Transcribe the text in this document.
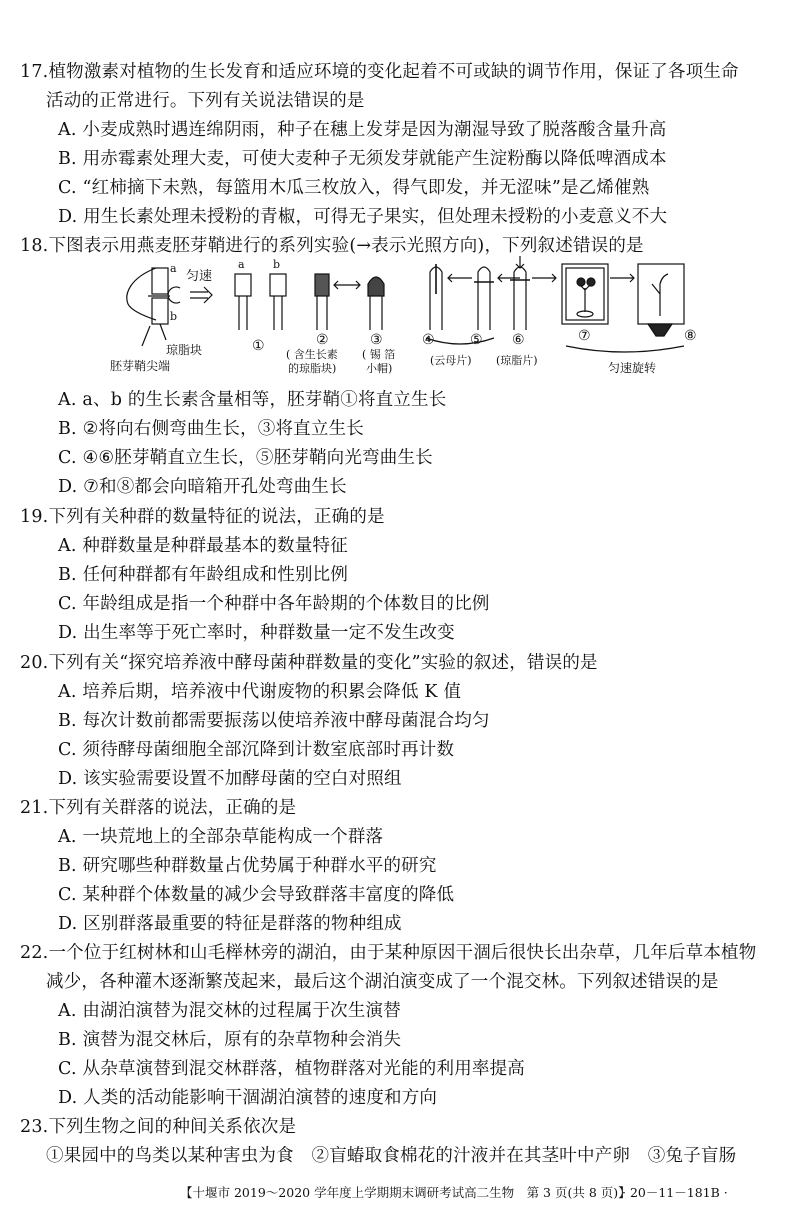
17.植物激素对植物的生长发育和适应环境的变化起着不可或缺的调节作用，保证了各项生命
活动的正常进行。下列有关说法错误的是
A. 小麦成熟时遇连绵阴雨，种子在穗上发芽是因为潮湿导致了脱落酸含量升高
B. 用赤霉素处理大麦，可使大麦种子无须发芽就能产生淀粉酶以降低啤酒成本
C. “红柿摘下未熟，每篮用木瓜三枚放入，得气即发，并无涩味”是乙烯催熟
D. 用生长素处理未授粉的青椒，可得无子果实，但处理未授粉的小麦意义不大
18.下图表示用燕麦胚芽鞘进行的系列实验(→表示光照方向)，下列叙述错误的是
a
b
匀速
a	b
琼脂块
胚芽鞘尖端
①	②	③
( 含生长素
的琼脂块)
( 锡 箔
小帽)
④	⑤ ⑥
(云母片) (琼脂片)
⑦	⑧
匀速旋转
A. a、b 的生长素含量相等，胚芽鞘①将直立生长
B. ②将向右侧弯曲生长，③将直立生长
C. ④⑥胚芽鞘直立生长，⑤胚芽鞘向光弯曲生长
D. ⑦和⑧都会向暗箱开孔处弯曲生长
19.下列有关种群的数量特征的说法，正确的是
A. 种群数量是种群最基本的数量特征
B. 任何种群都有年龄组成和性别比例
C. 年龄组成是指一个种群中各年龄期的个体数目的比例
D. 出生率等于死亡率时，种群数量一定不发生改变
20.下列有关“探究培养液中酵母菌种群数量的变化”实验的叙述，错误的是
A. 培养后期，培养液中代谢废物的积累会降低 K 值
B. 每次计数前都需要振荡以使培养液中酵母菌混合均匀
C. 须待酵母菌细胞全部沉降到计数室底部时再计数
D. 该实验需要设置不加酵母菌的空白对照组
21.下列有关群落的说法，正确的是
A. 一块荒地上的全部杂草能构成一个群落
B. 研究哪些种群数量占优势属于种群水平的研究
C. 某种群个体数量的减少会导致群落丰富度的降低
D. 区别群落最重要的特征是群落的物种组成
22.一个位于红树林和山毛榉林旁的湖泊，由于某种原因干涸后很快长出杂草，几年后草本植物
减少，各种灌木逐渐繁茂起来，最后这个湖泊演变成了一个混交林。下列叙述错误的是
A. 由湖泊演替为混交林的过程属于次生演替
B. 演替为混交林后，原有的杂草物种会消失
C. 从杂草演替到混交林群落，植物群落对光能的利用率提高
D. 人类的活动能影响干涸湖泊演替的速度和方向
23.下列生物之间的种间关系依次是
①果园中的鸟类以某种害虫为食　②盲蝽取食棉花的汁液并在其茎叶中产卵　③兔子盲肠
【十堰市 2019～2020 学年度上学期期末调研考试高二生物　第 3 页(共 8 页)】
· 20－11－181B ·
